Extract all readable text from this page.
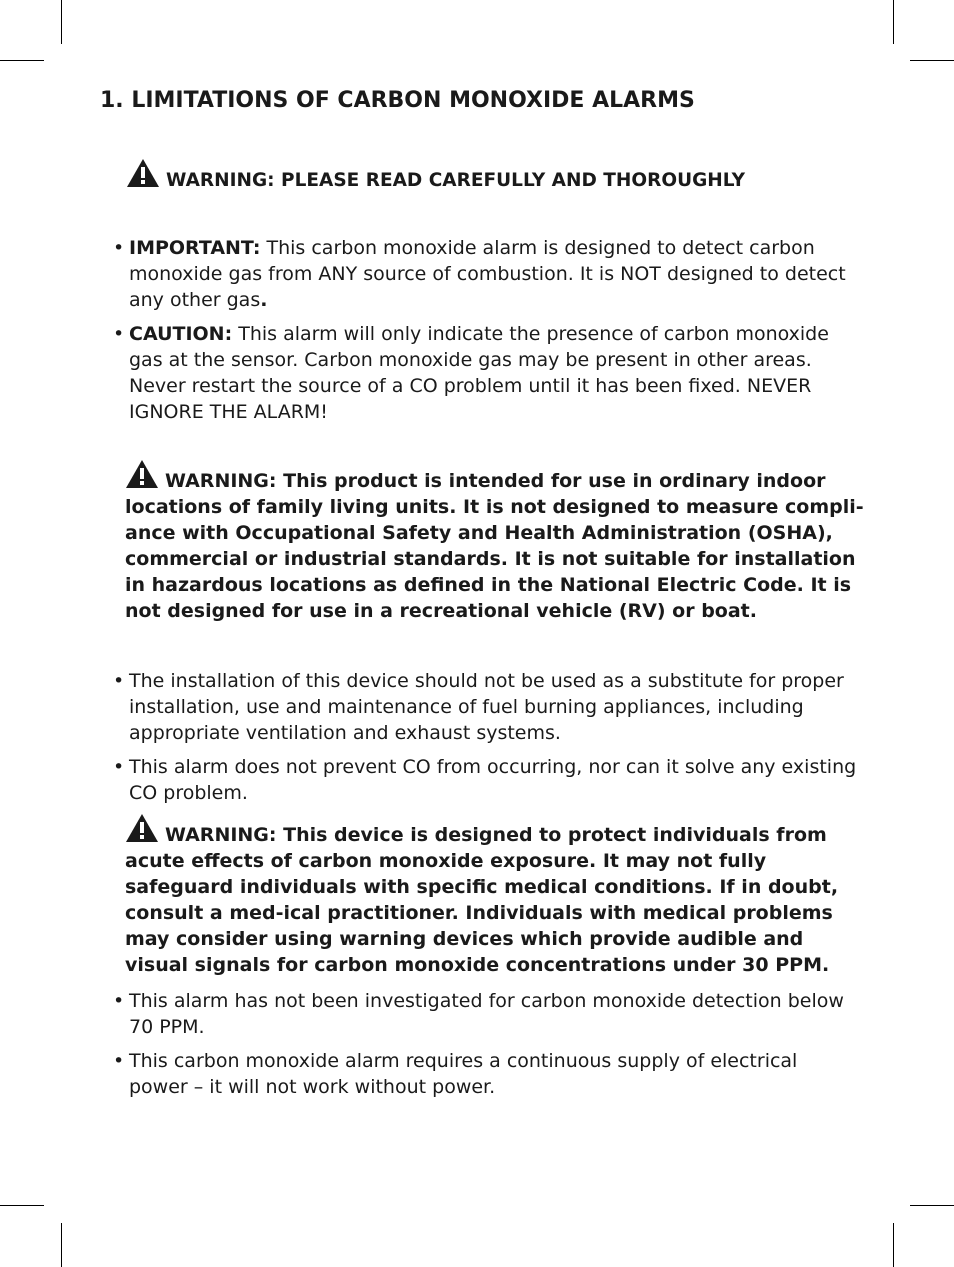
1. LIMITATIONS OF CARBON MONOXIDE ALARMS
WARNING: PLEASE READ CAREFULLY AND THOROUGHLY
• IMPORTANT: This carbon monoxide alarm is designed to detect carbon monoxide gas from ANY source of combustion. It is NOT designed to detect any other gas.
• CAUTION: This alarm will only indicate the presence of carbon monoxide gas at the sensor. Carbon monoxide gas may be present in other areas. Never restart the source of a CO problem until it has been fixed. NEVER IGNORE THE ALARM!
WARNING: This product is intended for use in ordinary indoor locations of family living units. It is not designed to measure compli-ance with Occupational Safety and Health Administration (OSHA), commercial or industrial standards. It is not suitable for installation in hazardous locations as defined in the National Electric Code. It is not designed for use in a recreational vehicle (RV) or boat.
• The installation of this device should not be used as a substitute for proper installation, use and maintenance of fuel burning appliances, including appropriate ventilation and exhaust systems.
• This alarm does not prevent CO from occurring, nor can it solve any existing CO problem.
WARNING: This device is designed to protect individuals from acute effects of carbon monoxide exposure. It may not fully safeguard individuals with specific medical conditions. If in doubt, consult a med-ical practitioner. Individuals with medical problems may consider using warning devices which provide audible and visual signals for carbon monoxide concentrations under 30 PPM.
• This alarm has not been investigated for carbon monoxide detection below 70 PPM.
• This carbon monoxide alarm requires a continuous supply of electrical power – it will not work without power.
